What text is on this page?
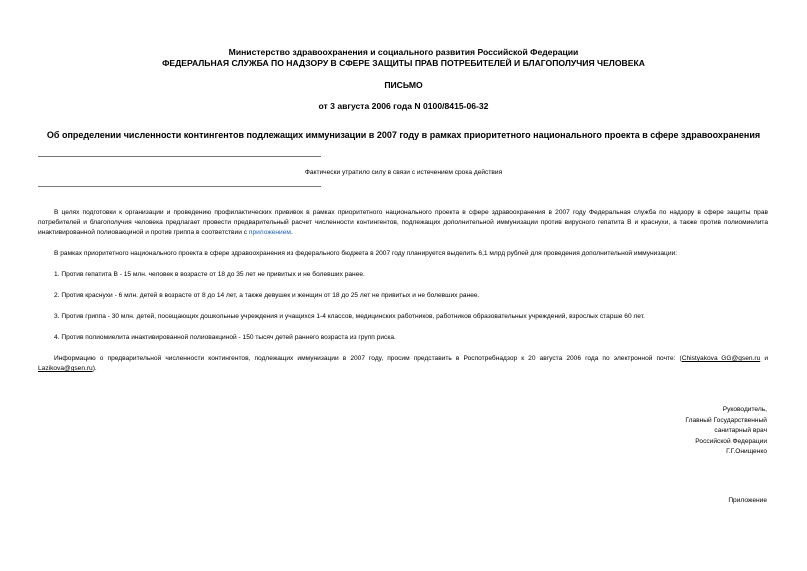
Министерство здравоохранения и социального развития Российской Федерации
ФЕДЕРАЛЬНАЯ СЛУЖБА ПО НАДЗОРУ В СФЕРЕ ЗАЩИТЫ ПРАВ ПОТРЕБИТЕЛЕЙ И БЛАГОПОЛУЧИЯ ЧЕЛОВЕКА
ПИСЬМО
от 3 августа 2006 года N 0100/8415-06-32
Об определении численности контингентов подлежащих иммунизации в 2007 году в рамках приоритетного национального проекта в сфере здравоохранения
Фактически утратило силу в связи с истечением срока действия
В целях подготовки к организации и проведению профилактических прививок в рамках приоритетного национального проекта в сфере здравоохранения в 2007 году Федеральная служба по надзору в сфере защиты прав потребителей и благополучия человека предлагает провести предварительный расчет численности контингентов, подлежащих дополнительной иммунизации против вирусного гепатита В и краснухи, а также против полиомиелита инактивированной полиовакциной и против гриппа в соответствии с приложением.
В рамках приоритетного национального проекта в сфере здравоохранения из федерального бюджета в 2007 году планируется выделить 6,1 млрд рублей для проведения дополнительной иммунизации:
1. Против гепатита В - 15 млн. человек в возрасте от 18 до 35 лет не привитых и не болевших ранее.
2. Против краснухи - 6 млн. детей в возрасте от 8 до 14 лет, а также девушек и женщин от 18 до 25 лет не привитых и не болевших ранее.
3. Против гриппа - 30 млн. детей, посещающих дошкольные учреждения и учащихся 1-4 классов, медицинских работников, работников образовательных учреждений, взрослых старше 60 лет.
4. Против полиомиелита инактивированной полиовакциной - 150 тысяч детей раннего возраста из групп риска.
Информацию о предварительной численности контингентов, подлежащих иммунизации в 2007 году, просим представить в Роспотребнадзор к 20 августа 2006 года по электронной почте: (Chistyakova_GG@gsen.ru и Lazikova@gsen.ru).
Руководитель,
Главный Государственный
санитарный врач
Российской Федерации
Г.Г.Онищенко
Приложение
